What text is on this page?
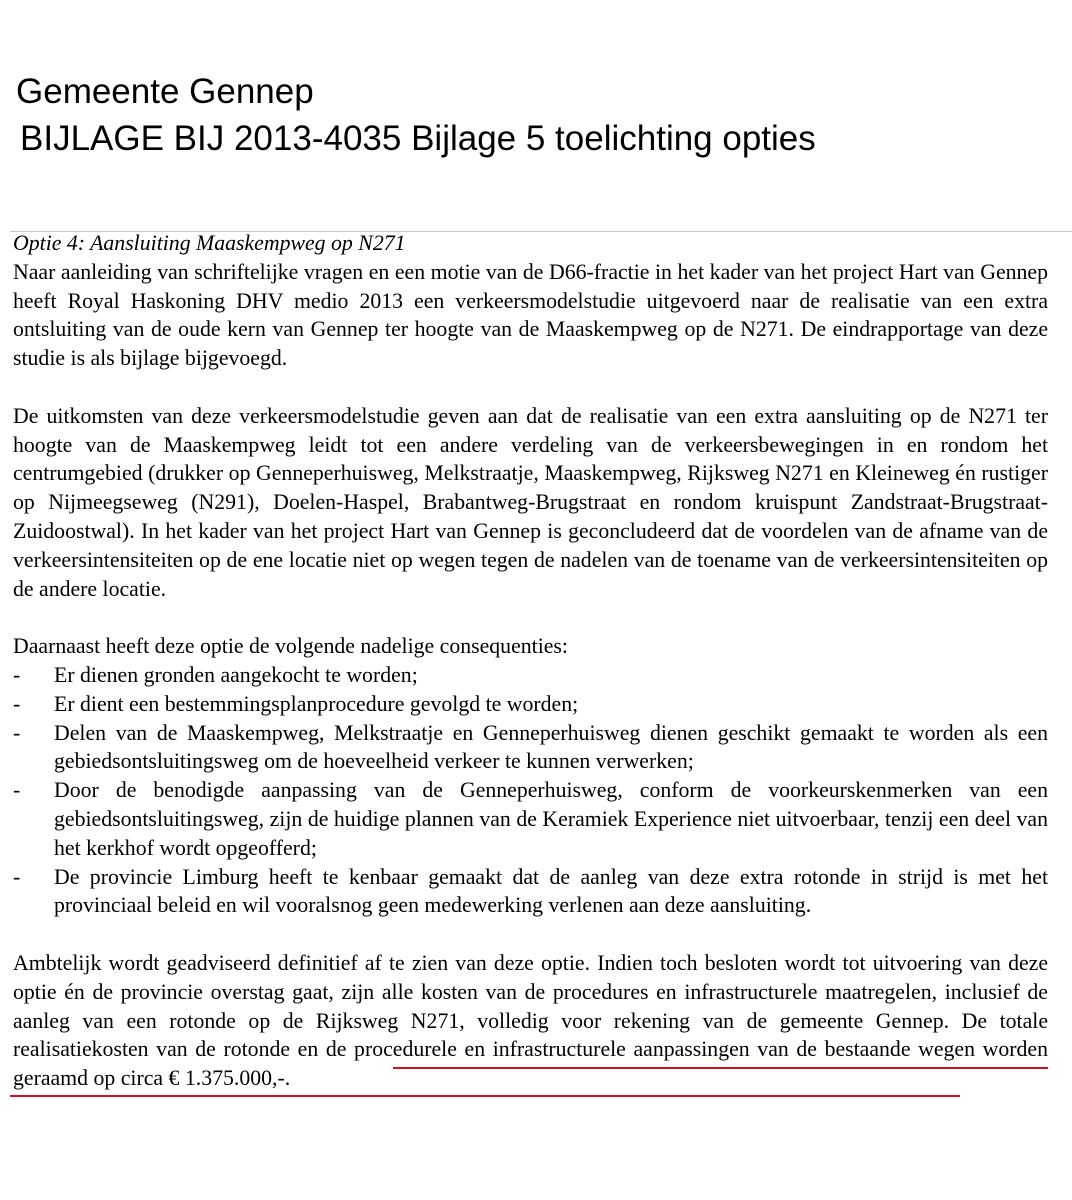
Gemeente Gennep
BIJLAGE BIJ 2013-4035 Bijlage 5 toelichting opties

Optie 4: Aansluiting Maaskempweg op N271

Naar aanleiding van schriftelijke vragen en een motie van de D66-fractie in het kader van het project Hart van Gennep heeft Royal Haskoning DHV medio 2013 een verkeersmodelstudie uitgevoerd naar de realisatie van een extra ontsluiting van de oude kern van Gennep ter hoogte van de Maaskempweg op de N271. De eindrapportage van deze studie is als bijlage bijgevoegd.

De uitkomsten van deze verkeersmodelstudie geven aan dat de realisatie van een extra aansluiting op de N271 ter hoogte van de Maaskempweg leidt tot een andere verdeling van de verkeersbewegingen in en rondom het centrumgebied (drukker op Genneperhuisweg, Melkstraatje, Maaskempweg, Rijksweg N271 en Kleineweg én rustiger op Nijmeegseweg (N291), Doelen-Haspel, Brabantweg-Brugstraat en rondom kruispunt Zandstraat-Brugstraat-Zuidoostwal). In het kader van het project Hart van Gennep is geconcludeerd dat de voordelen van de afname van de verkeersintensiteiten op de ene locatie niet op wegen tegen de nadelen van de toename van de verkeersintensiteiten op de andere locatie.

Daarnaast heeft deze optie de volgende nadelige consequenties:

- Er dienen gronden aangekocht te worden;
- Er dient een bestemmingsplanprocedure gevolgd te worden;
- Delen van de Maaskempweg, Melkstraatje en Genneperhuisweg dienen geschikt gemaakt te worden als een gebiedsontsluitingsweg om de hoeveelheid verkeer te kunnen verwerken;
- Door de benodigde aanpassing van de Genneperhuisweg, conform de voorkeurskenmerken van een gebiedsontsluitingsweg, zijn de huidige plannen van de Keramiek Experience niet uitvoerbaar, tenzij een deel van het kerkhof wordt opgeofferd;
- De provincie Limburg heeft te kenbaar gemaakt dat de aanleg van deze extra rotonde in strijd is met het provinciaal beleid en wil vooralsnog geen medewerking verlenen aan deze aansluiting.

Ambtelijk wordt geadviseerd definitief af te zien van deze optie. Indien toch besloten wordt tot uitvoering van deze optie én de provincie overstag gaat, zijn alle kosten van de procedures en infrastructurele maatregelen, inclusief de aanleg van een rotonde op de Rijksweg N271, volledig voor rekening van de gemeente Gennep. De totale realisatiekosten van de rotonde en de procedurele en infrastructurele aanpassingen van de bestaande wegen worden geraamd op circa € 1.375.000,-.
